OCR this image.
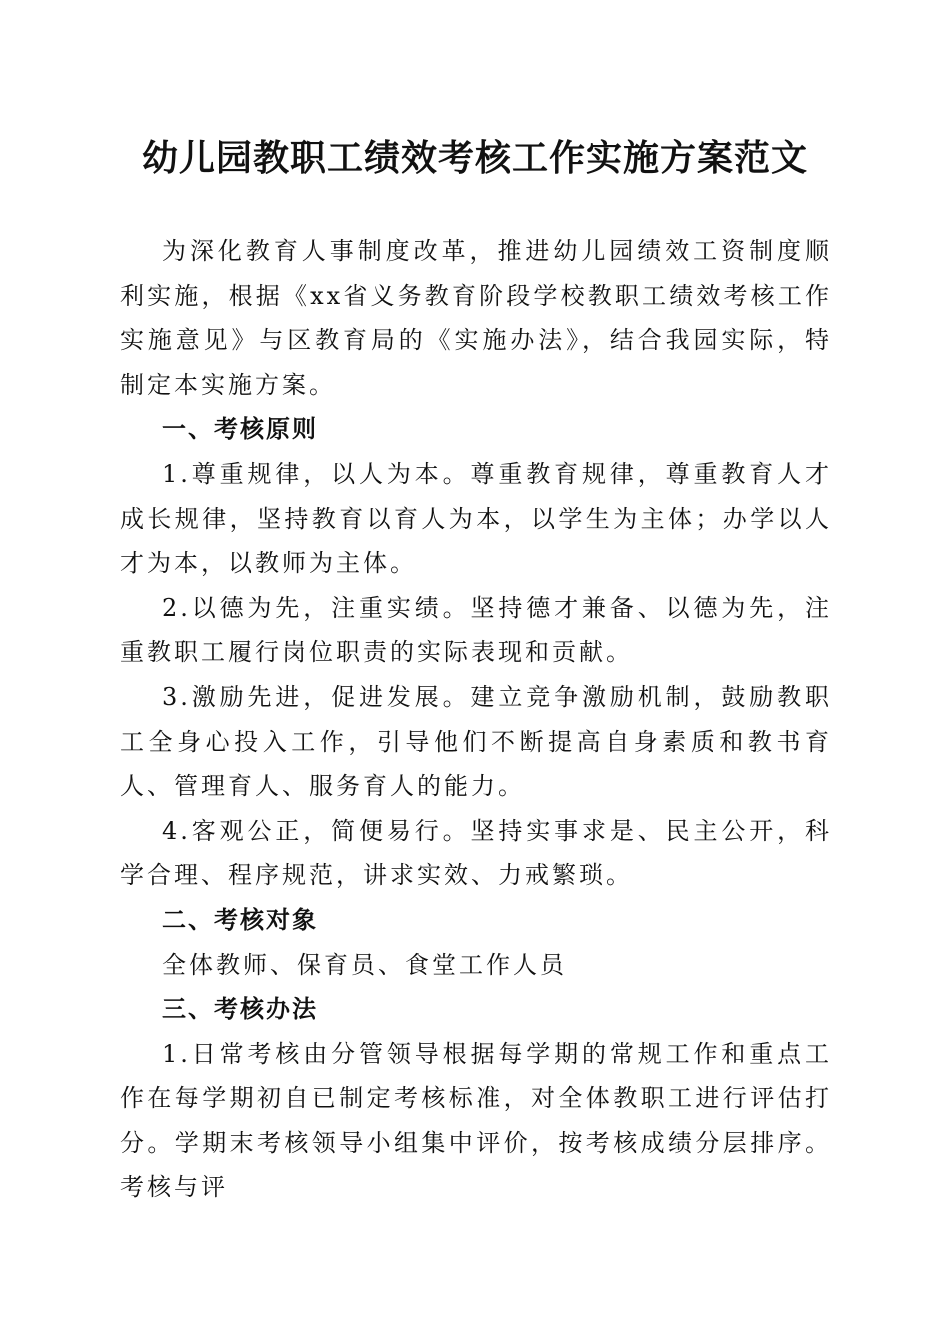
幼儿园教职工绩效考核工作实施方案范文

为深化教育人事制度改革，推进幼儿园绩效工资制度顺利实施，根据《xx省义务教育阶段学校教职工绩效考核工作实施意见》与区教育局的《实施办法》，结合我园实际，特制定本实施方案。

一、考核原则

1.尊重规律，以人为本。尊重教育规律，尊重教育人才成长规律，坚持教育以育人为本，以学生为主体；办学以人才为本，以教师为主体。

2.以德为先，注重实绩。坚持德才兼备、以德为先，注重教职工履行岗位职责的实际表现和贡献。

3.激励先进，促进发展。建立竞争激励机制，鼓励教职工全身心投入工作，引导他们不断提高自身素质和教书育人、管理育人、服务育人的能力。

4.客观公正，简便易行。坚持实事求是、民主公开，科学合理、程序规范，讲求实效、力戒繁琐。

二、考核对象

全体教师、保育员、食堂工作人员

三、考核办法

1.日常考核由分管领导根据每学期的常规工作和重点工作在每学期初自已制定考核标准，对全体教职工进行评估打分。学期末考核领导小组集中评价，按考核成绩分层排序。考核与评
